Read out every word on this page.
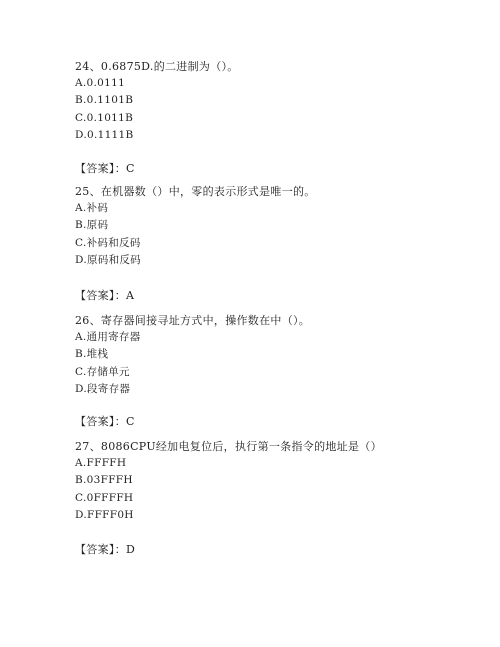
24、0.6875D.的二进制为（）。
A.0.0111
B.0.1101B
C.0.1011B
D.0.1111B
【答案】：C
25、在机器数（）中，零的表示形式是唯一的。
A.补码
B.原码
C.补码和反码
D.原码和反码
【答案】：A
26、寄存器间接寻址方式中，操作数在中（）。
A.通用寄存器
B.堆栈
C.存储单元
D.段寄存器
【答案】：C
27、8086CPU经加电复位后，执行第一条指令的地址是（）
A.FFFFH
B.03FFFH
C.0FFFFH
D.FFFF0H
【答案】：D
